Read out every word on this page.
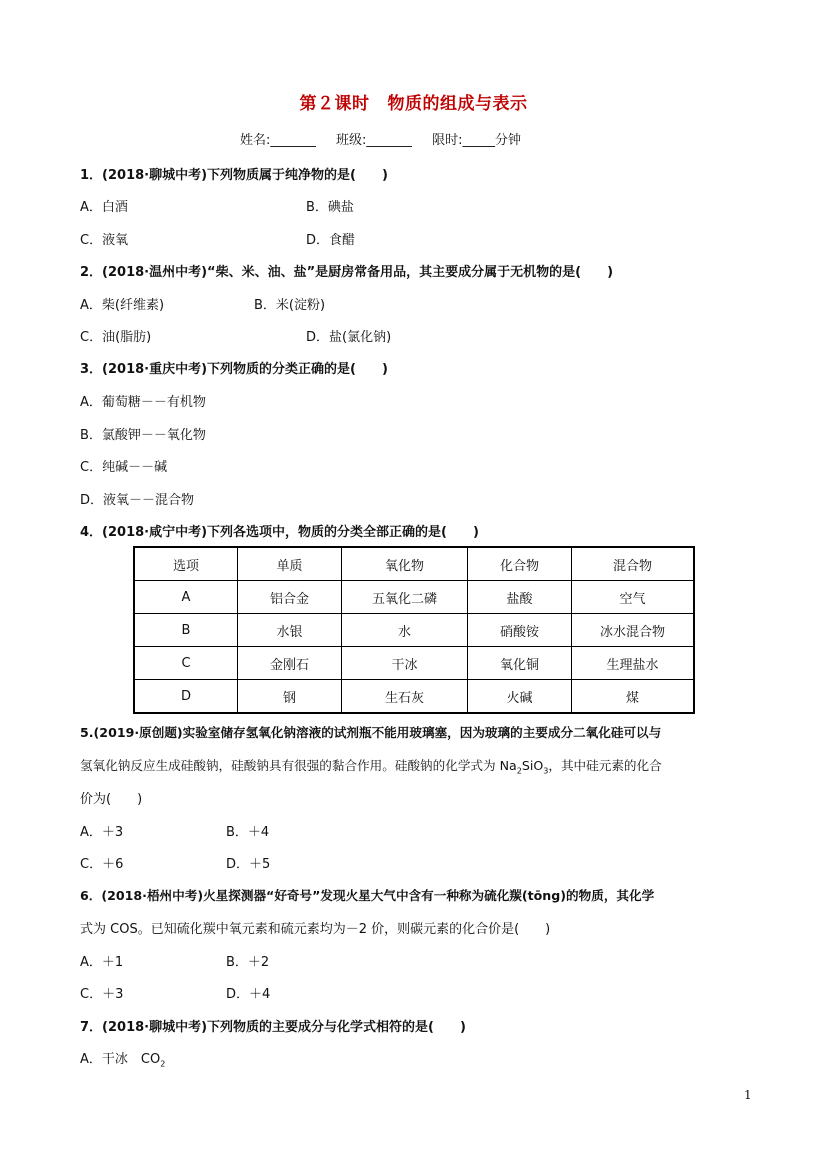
第２课时 物质的组成与表示
姓名:_______ 班级:_______ 限时:_____分钟
1．(2018·聊城中考)下列物质属于纯净物的是(　　)
A．白酒	B．碘盐
C．液氧	D．食醋
2．(2018·温州中考)“柴、米、油、盐”是厨房常备用品，其主要成分属于无机物的是(　　)
A．柴(纤维素)	B．米(淀粉)
C．油(脂肪)	D．盐(氯化钠)
3．(2018·重庆中考)下列物质的分类正确的是(　　)
A．葡萄糖－－有机物
B．氯酸钾－－氧化物
C．纯碱－－碱
D．液氧－－混合物
4．(2018·咸宁中考)下列各选项中，物质的分类全部正确的是(　　)
选项	单质	氧化物	化合物	混合物
A	铝合金	五氧化二磷	盐酸	空气
B	水银	水	硝酸铵	冰水混合物
C	金刚石	干冰	氧化铜	生理盐水
D	钢	生石灰	火碱	煤
5.(2019·原创题)实验室储存氢氧化钠溶液的试剂瓶不能用玻璃塞，因为玻璃的主要成分二氧化硅可以与
氢氧化钠反应生成硅酸钠，硅酸钠具有很强的黏合作用。硅酸钠的化学式为 $Na_2SiO_3$，其中硅元素的化合
价为(　　)
A．＋3	B．＋4
C．＋6	D．＋5
6．(2018·梧州中考)火星探测器“好奇号”发现火星大气中含有一种称为硫化羰(tōng)的物质，其化学
式为 COS。已知硫化羰中氧元素和硫元素均为－2 价，则碳元素的化合价是(　　)
A．＋1	B．＋2
C．＋3	D．＋4
7．(2018·聊城中考)下列物质的主要成分与化学式相符的是(　　)
A．干冰　$CO_2$
1
